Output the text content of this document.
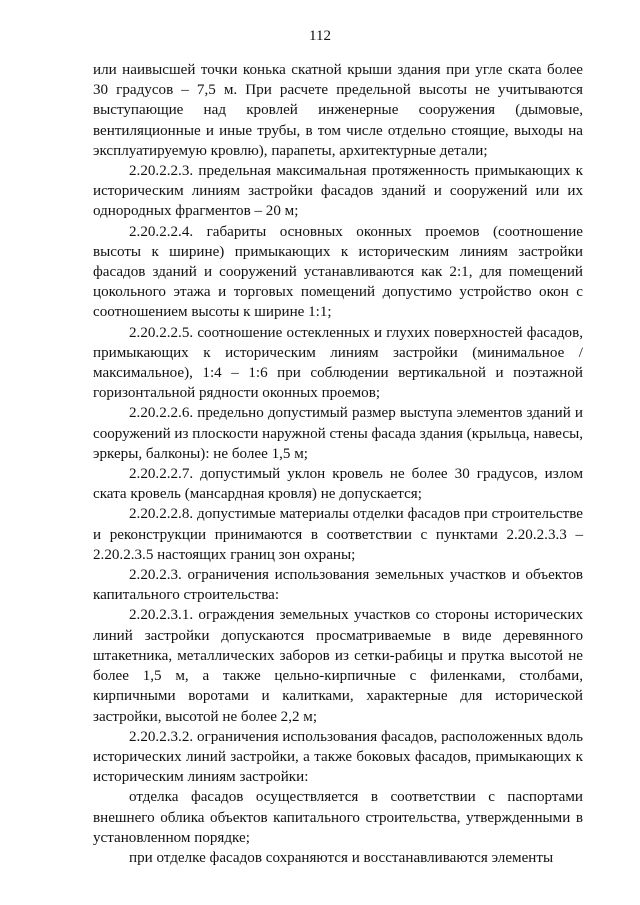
112

или наивысшей точки конька скатной крыши здания при угле ската более 30 градусов – 7,5 м. При расчете предельной высоты не учитываются выступающие над кровлей инженерные сооружения (дымовые, вентиляционные и иные трубы, в том числе отдельно стоящие, выходы на эксплуатируемую кровлю), парапеты, архитектурные детали;

2.20.2.2.3. предельная максимальная протяженность примыкающих к историческим линиям застройки фасадов зданий и сооружений или их однородных фрагментов – 20 м;

2.20.2.2.4. габариты основных оконных проемов (соотношение высоты к ширине) примыкающих к историческим линиям застройки фасадов зданий и сооружений устанавливаются как 2:1, для помещений цокольного этажа и торговых помещений допустимо устройство окон с соотношением высоты к ширине 1:1;

2.20.2.2.5. соотношение остекленных и глухих поверхностей фасадов, примыкающих к историческим линиям застройки (минимальное / максимальное), 1:4 – 1:6 при соблюдении вертикальной и поэтажной горизонтальной рядности оконных проемов;

2.20.2.2.6. предельно допустимый размер выступа элементов зданий и сооружений из плоскости наружной стены фасада здания (крыльца, навесы, эркеры, балконы): не более 1,5 м;

2.20.2.2.7. допустимый уклон кровель не более 30 градусов, излом ската кровель (мансардная кровля) не допускается;

2.20.2.2.8. допустимые материалы отделки фасадов при строительстве и реконструкции принимаются в соответствии с пунктами 2.20.2.3.3 – 2.20.2.3.5 настоящих границ зон охраны;

2.20.2.3. ограничения использования земельных участков и объектов капитального строительства:

2.20.2.3.1. ограждения земельных участков со стороны исторических линий застройки допускаются просматриваемые в виде деревянного штакетника, металлических заборов из сетки-рабицы и прутка высотой не более 1,5 м, а также цельно-кирпичные с филенками, столбами, кирпичными воротами и калитками, характерные для исторической застройки, высотой не более 2,2 м;

2.20.2.3.2. ограничения использования фасадов, расположенных вдоль исторических линий застройки, а также боковых фасадов, примыкающих к историческим линиям застройки:

отделка фасадов осуществляется в соответствии с паспортами внешнего облика объектов капитального строительства, утвержденными в установленном порядке;

при отделке фасадов сохраняются и восстанавливаются элементы
